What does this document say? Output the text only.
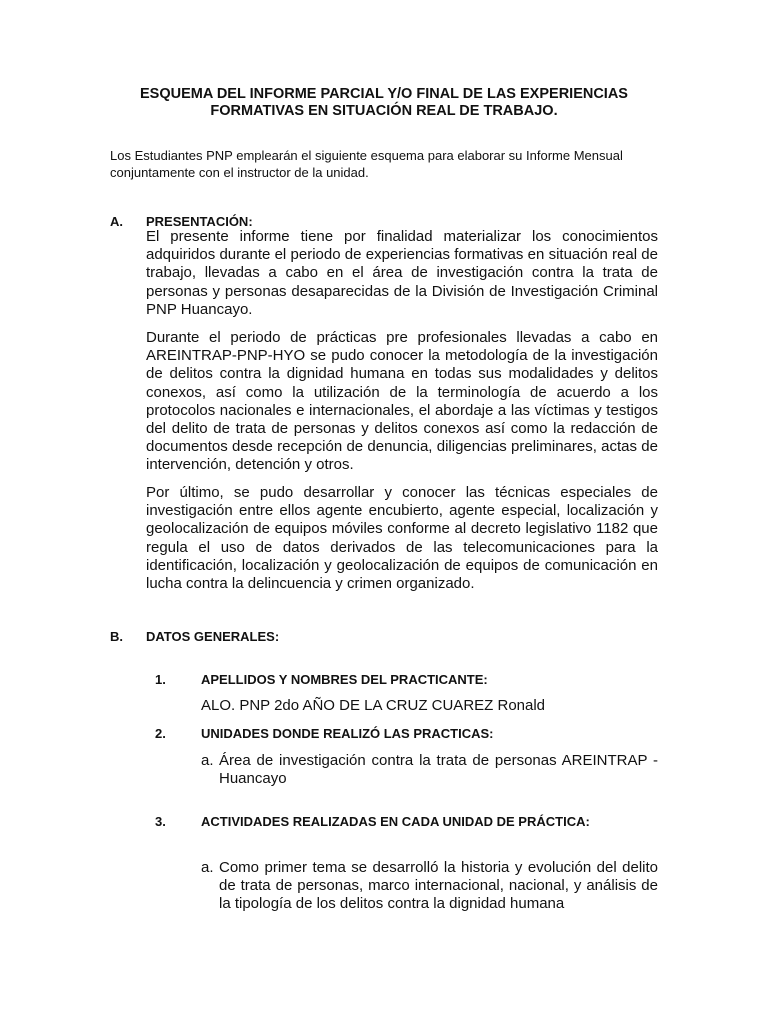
ESQUEMA DEL INFORME PARCIAL Y/O FINAL DE LAS EXPERIENCIAS
FORMATIVAS EN SITUACIÓN REAL DE TRABAJO.

Los Estudiantes PNP emplearán el siguiente esquema para elaborar su Informe Mensual conjuntamente con el instructor de la unidad.

A. PRESENTACIÓN:

El presente informe tiene por finalidad materializar los conocimientos adquiridos durante el periodo de experiencias formativas en situación real de trabajo, llevadas a cabo en el área de investigación contra la trata de personas y personas desaparecidas de la División de Investigación Criminal PNP Huancayo.

Durante el periodo de prácticas pre profesionales llevadas a cabo en AREINTRAP-PNP-HYO se pudo conocer la metodología de la investigación de delitos contra la dignidad humana en todas sus modalidades y delitos conexos, así como la utilización de la terminología de acuerdo a los protocolos nacionales e internacionales, el abordaje a las víctimas y testigos del delito de trata de personas y delitos conexos así como la redacción de documentos desde recepción de denuncia, diligencias preliminares, actas de intervención, detención y otros.

Por último, se pudo desarrollar y conocer las técnicas especiales de investigación entre ellos agente encubierto, agente especial, localización y geolocalización de equipos móviles conforme al decreto legislativo 1182 que regula el uso de datos derivados de las telecomunicaciones para la identificación, localización y geolocalización de equipos de comunicación en lucha contra la delincuencia y crimen organizado.

B. DATOS GENERALES:
1.	APELLIDOS Y NOMBRES DEL PRACTICANTE:
ALO. PNP 2do AÑO DE LA CRUZ CUAREZ Ronald
2.	UNIDADES DONDE REALIZÓ LAS PRACTICAS:
a. Área de investigación contra la trata de personas AREINTRAP -Huancayo
3.	ACTIVIDADES REALIZADAS EN CADA UNIDAD DE PRÁCTICA:
a. Como primer tema se desarrolló la historia y evolución del delito de trata de personas, marco internacional, nacional, y análisis de la tipología de los delitos contra la dignidad humana
